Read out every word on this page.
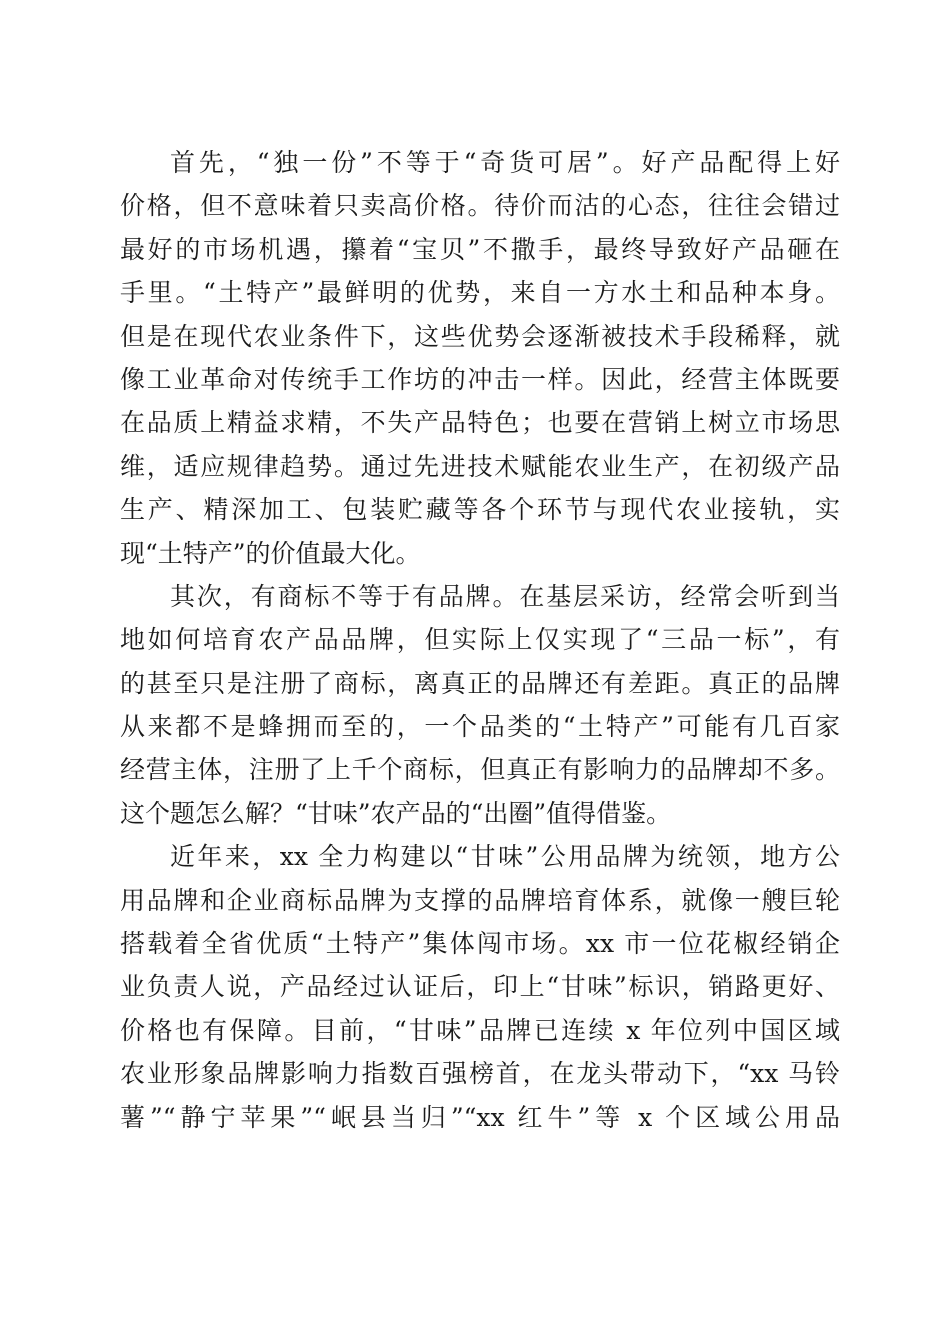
首先，“独一份”不等于“奇货可居”。好产品配得上好
价格，但不意味着只卖高价格。待价而沽的心态，往往会错过
最好的市场机遇，攥着“宝贝”不撒手，最终导致好产品砸在
手里。“土特产”最鲜明的优势，来自一方水土和品种本身。
但是在现代农业条件下，这些优势会逐渐被技术手段稀释，就
像工业革命对传统手工作坊的冲击一样。因此，经营主体既要
在品质上精益求精，不失产品特色；也要在营销上树立市场思
维，适应规律趋势。通过先进技术赋能农业生产，在初级产品
生产、精深加工、包装贮藏等各个环节与现代农业接轨，实
现“土特产”的价值最大化。
其次，有商标不等于有品牌。在基层采访，经常会听到当
地如何培育农产品品牌，但实际上仅实现了“三品一标”，有
的甚至只是注册了商标，离真正的品牌还有差距。真正的品牌
从来都不是蜂拥而至的，一个品类的“土特产”可能有几百家
经营主体，注册了上千个商标，但真正有影响力的品牌却不多。
这个题怎么解？“甘味”农产品的“出圈”值得借鉴。
近年来，xx 全力构建以“甘味”公用品牌为统领，地方公
用品牌和企业商标品牌为支撑的品牌培育体系，就像一艘巨轮
搭载着全省优质“土特产”集体闯市场。xx 市一位花椒经销企
业负责人说，产品经过认证后，印上“甘味”标识，销路更好、
价格也有保障。目前，“甘味”品牌已连续 x 年位列中国区域
农业形象品牌影响力指数百强榜首，在龙头带动下，“xx 马铃
薯”“静宁苹果”“岷县当归”“xx 红牛”等 x 个区域公用品
